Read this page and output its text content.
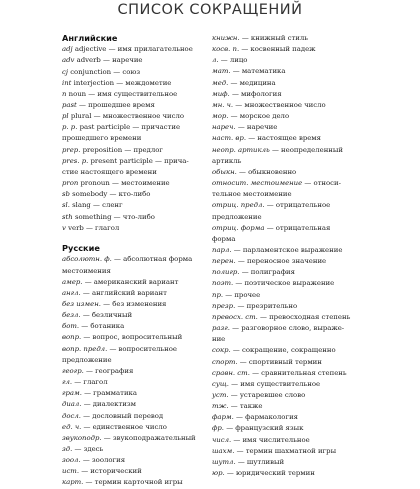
СПИСОК СОКРАЩЕНИЙ
Английские
adj adjective — имя прилагательное
adv adverb — наречие
cj conjunction — союз
int interjection — междометие
n noun — имя существительное
past — прошедшее время
pl plural — множественное число
p. p. past participle — причастие
прошедшего времени
prep. preposition — предлог
pres. p. present participle — прича-
стие настоящего времени
pron pronoun — местоимение
sb somebody — кто-либо
sl. slang — сленг
sth something — что-либо
v verb — глагол
Русские
абсолютн. ф. — абсолютная форма
местоимения
амер. — американский вариант
англ. — английский вариант
без измен. — без изменения
безл. — безличный
бот. — ботаника
вопр. — вопрос, вопросительный
вопр. предл. — вопросительное
предложение
геогр. — география
гл. — глагол
грам. — грамматика
диал. — диалектизм
досл. — дословный перевод
ед. ч. — единственное число
звукоподр. — звукоподражательный
зд. — здесь
зоол. — зоология
ист. — исторический
карт. — термин карточной игры
книжн. — книжный стиль
косв. п. — косвенный падеж
л. — лицо
мат. — математика
мед. — медицина
миф. — мифология
мн. ч. — множественное число
мор. — морское дело
нареч. — наречие
наст. вр. — настоящее время
неопр. артикль — неопределенный
артикль
обыкн. — обыкновенно
относит. местоимение — относи-
тельное местоимение
отриц. предл. — отрицательное
предложение
отриц. форма — отрицательная
форма
парл. — парламентское выражение
перен. — переносное значение
полигр. — полиграфия
поэт. — поэтическое выражение
пр. — прочее
презр. — презрительно
превосх. ст. — превосходная степень
разг. — разговорное слово, выраже-
ние
сокр. — сокращение, сокращенно
спорт. — спортивный термин
сравн. ст. — сравнительная степень
сущ. — имя существительное
уст. — устаревшее слово
тж. — также
фарм. — фармакология
фр. — французский язык
числ. — имя числительное
шахм. — термин шахматной игры
шутл. — шутливый
юр. — юридический термин
